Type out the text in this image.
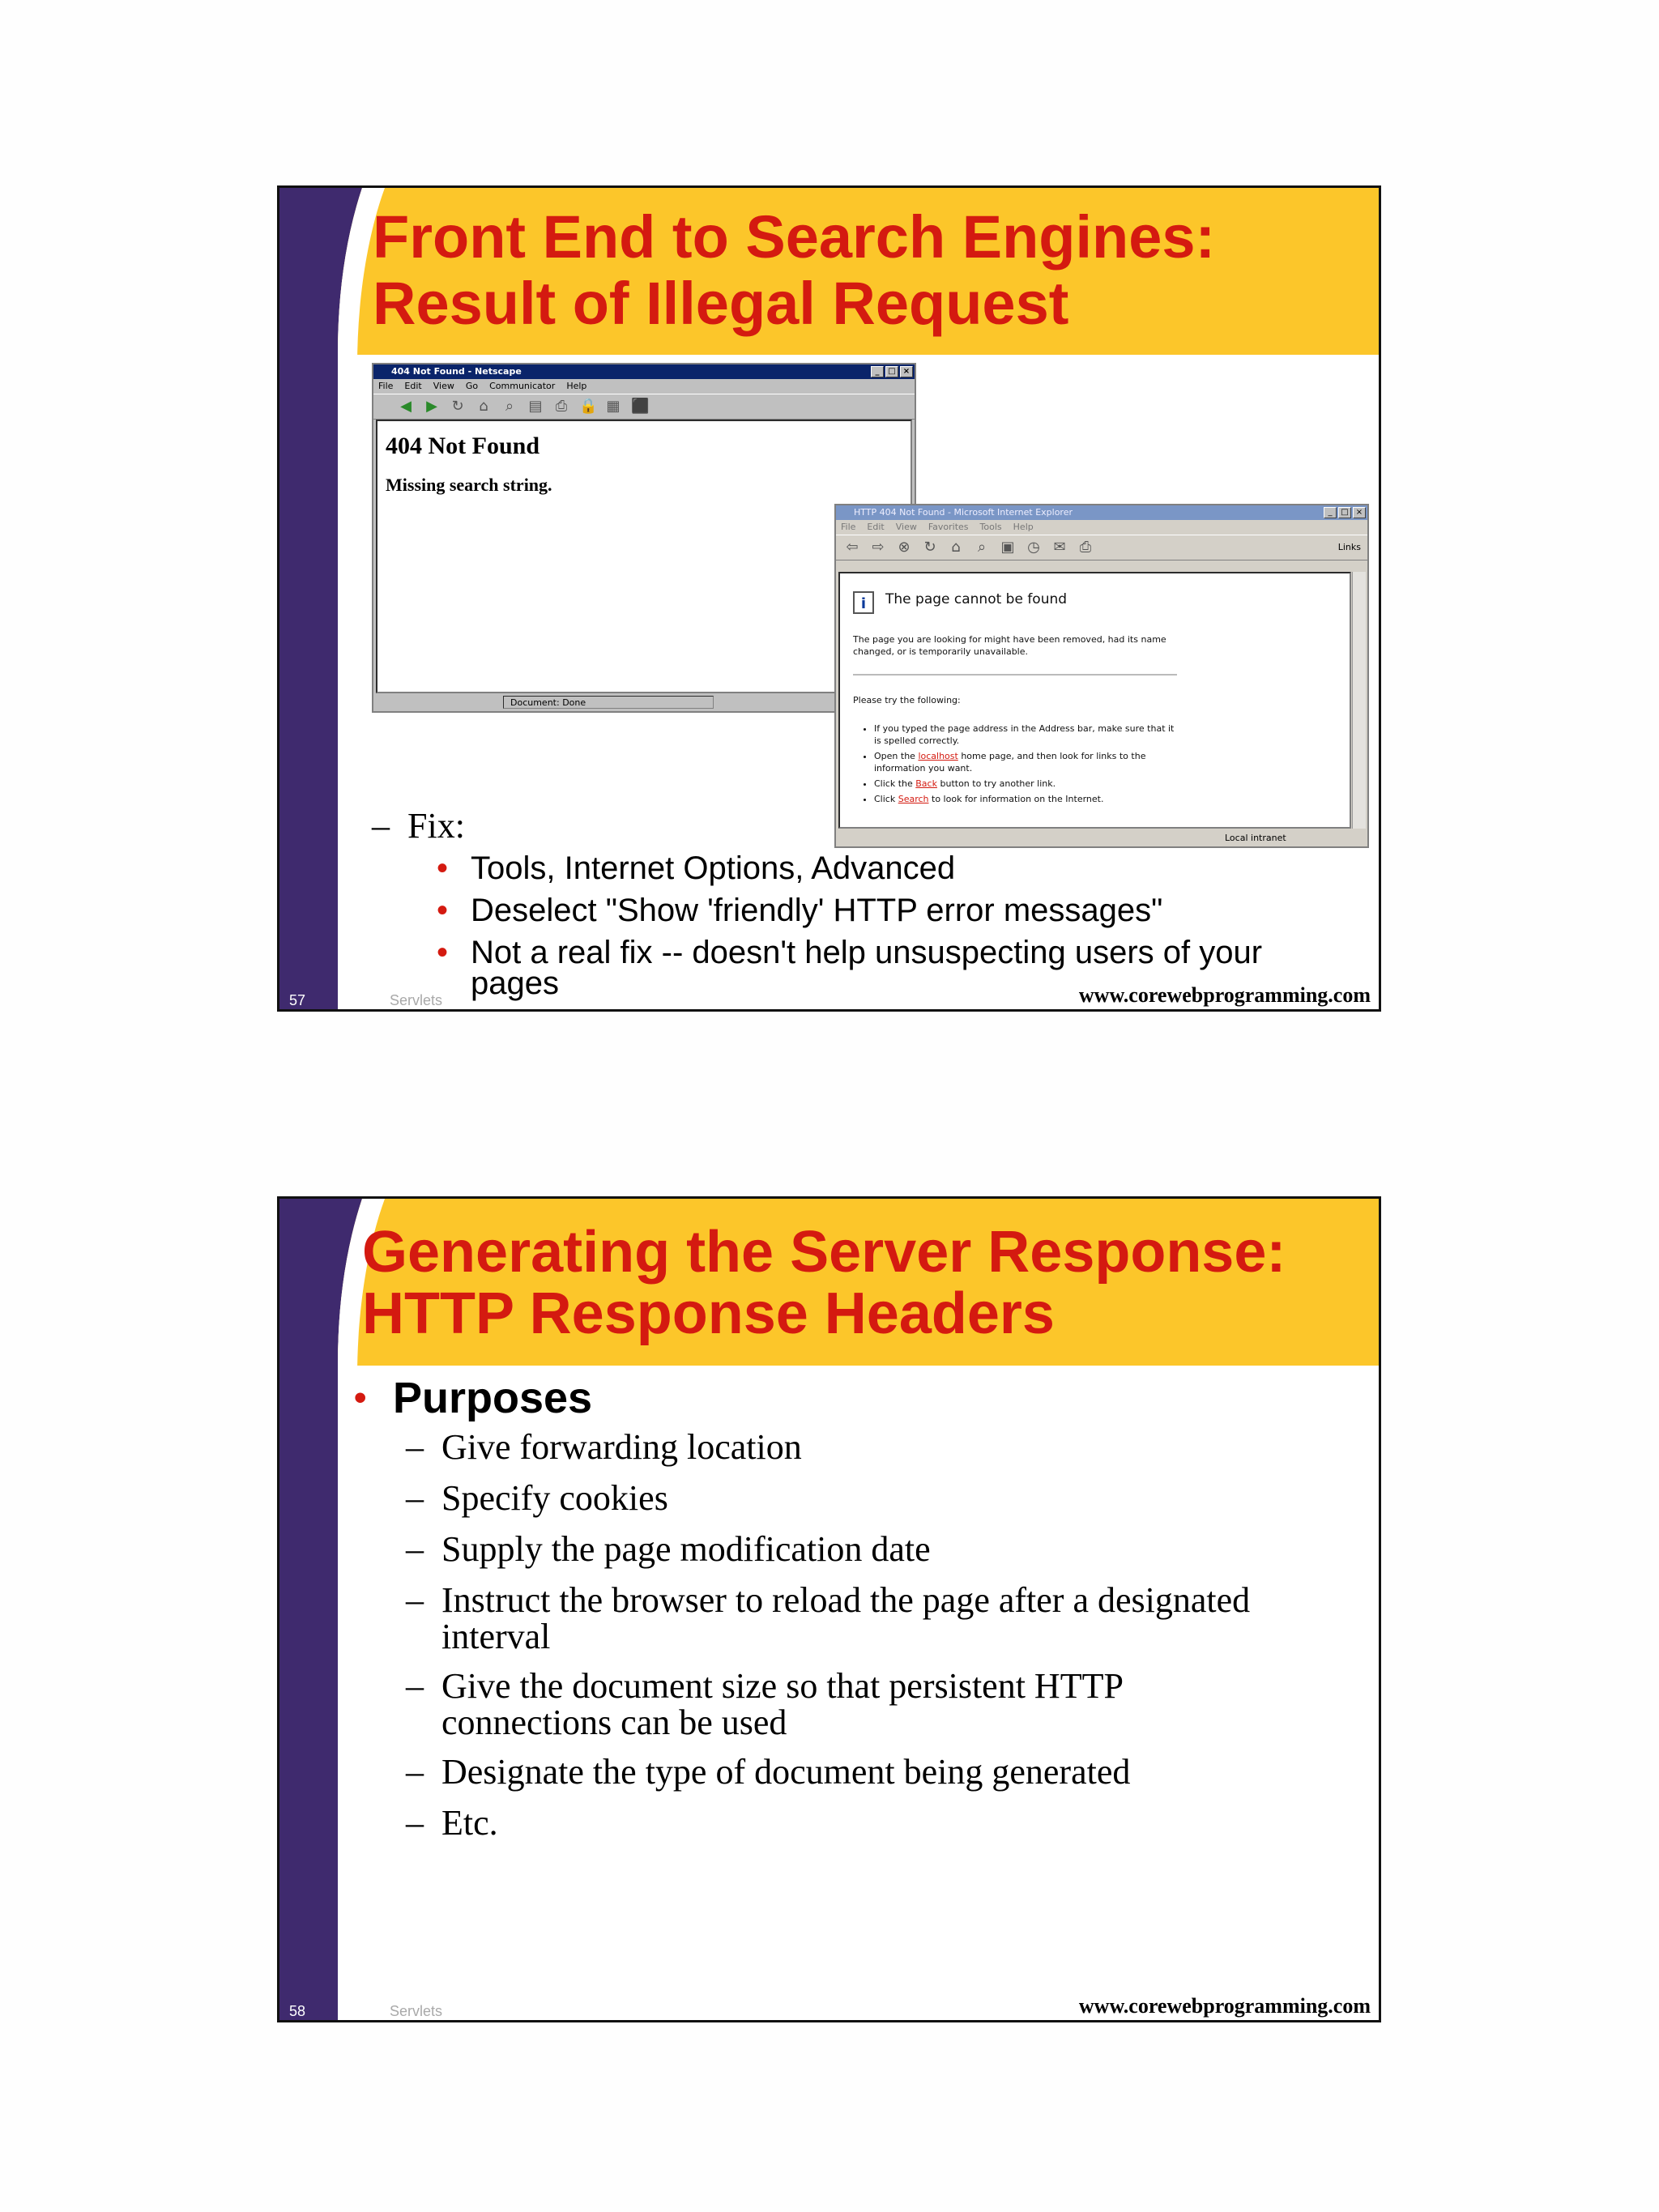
Front End to Search Engines:
Result of Illegal Request
404 Not Found - Netscape	_	□ ×
File Edit View Go Communicator Help
◀ ▶ ↻ ⌂ ⌕ ▤ ⎙ 🔒 ▦ ⬛
404 Not Found

Missing search string.

Document: Done
HTTP 404 Not Found - Microsoft Internet Explorer	_	□ ×
File Edit View Favorites Tools Help
⇦ ⇨ ⊗ ↻ ⌂ ⌕ ▣ ◷ ✉ ⎙	Links
i	The page cannot be found
The page you are looking for might have been removed, had its name changed, or is temporarily unavailable.
Please try the following:
• If you typed the page address in the Address bar, make sure that it is spelled correctly.
• Open the localhost home page, and then look for links to the information you want.
• Click the Back button to try another link.
• Click Search to look for information on the Internet.
Local intranet
– Fix:
• Tools, Internet Options, Advanced
• Deselect "Show 'friendly' HTTP error messages"
• Not a real fix -- doesn't help unsuspecting users of your
pages
57	Servlets	www.corewebprogramming.com
Generating the Server Response:
HTTP Response Headers
• Purposes
– Give forwarding location
– Specify cookies
– Supply the page modification date
– Instruct the browser to reload the page after a designated
interval
– Give the document size so that persistent HTTP
connections can be used
– Designate the type of document being generated
– Etc.
58	Servlets	www.corewebprogramming.com
